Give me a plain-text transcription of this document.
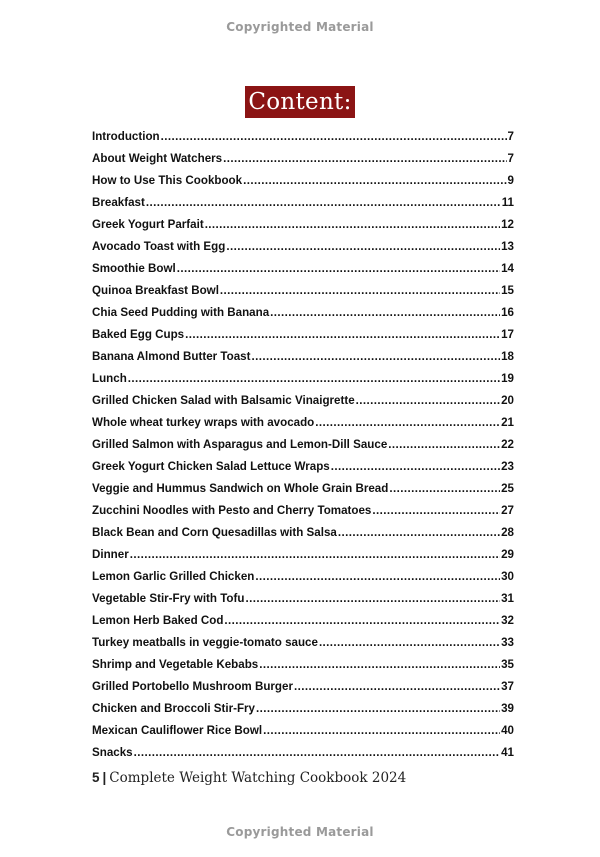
Copyrighted Material
Content:
Introduction .....	7
About Weight Watchers .....	7
How to Use This Cookbook .....	9
Breakfast .....	11
Greek Yogurt Parfait .....	12
Avocado Toast with Egg .....	13
Smoothie Bowl .....	14
Quinoa Breakfast Bowl .....	15
Chia Seed Pudding with Banana .....	16
Baked Egg Cups .....	17
Banana Almond Butter Toast .....	18
Lunch .....	19
Grilled Chicken Salad with Balsamic Vinaigrette .....	20
Whole wheat turkey wraps with avocado .....	21
Grilled Salmon with Asparagus and Lemon-Dill Sauce .....	22
Greek Yogurt Chicken Salad Lettuce Wraps .....	23
Veggie and Hummus Sandwich on Whole Grain Bread .....	25
Zucchini Noodles with Pesto and Cherry Tomatoes .....	27
Black Bean and Corn Quesadillas with Salsa .....	28
Dinner .....	29
Lemon Garlic Grilled Chicken .....	30
Vegetable Stir-Fry with Tofu .....	31
Lemon Herb Baked Cod .....	32
Turkey meatballs in veggie-tomato sauce .....	33
Shrimp and Vegetable Kebabs .....	35
Grilled Portobello Mushroom Burger .....	37
Chicken and Broccoli Stir-Fry .....	39
Mexican Cauliflower Rice Bowl .....	40
Snacks .....	41
5 | Complete Weight Watching Cookbook 2024
Copyrighted Material
